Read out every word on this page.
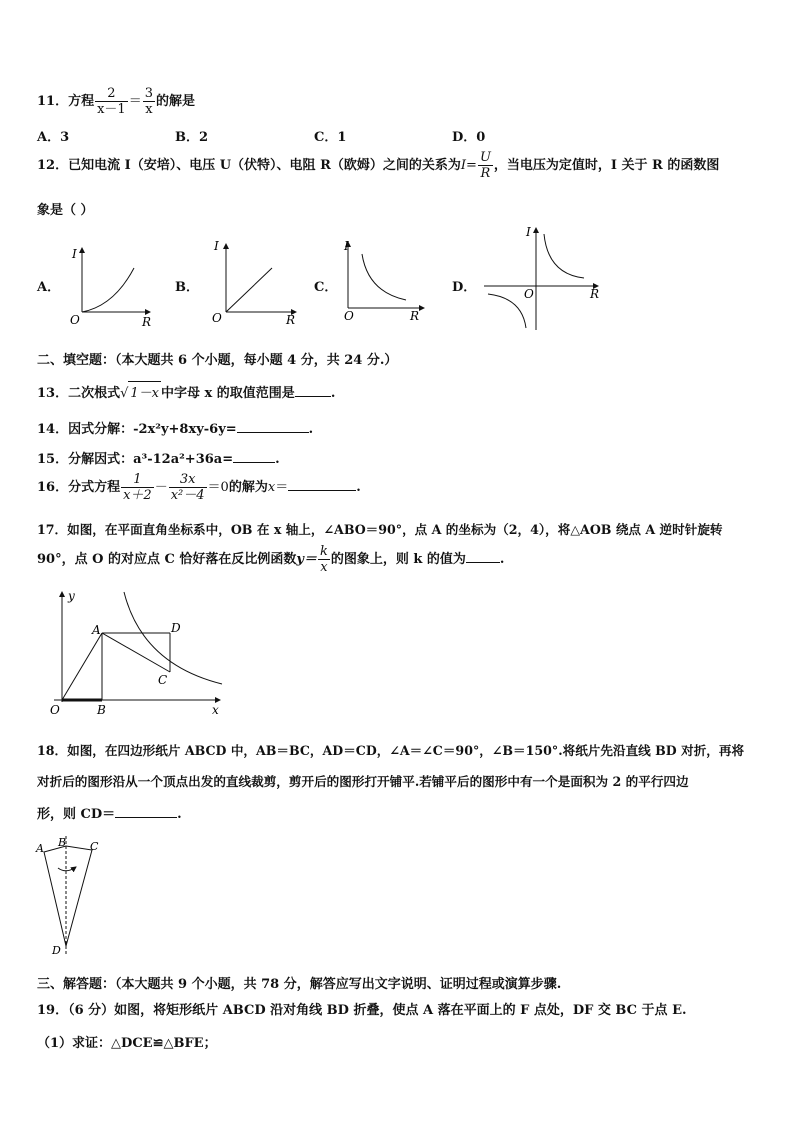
11．方程 $\frac{2}{x-1} = \frac{3}{x}$ 的解是
A．3	B．2	C．1	D．0
12．已知电流 I（安培）、电压 U（伏特）、电阻 R（欧姆）之间的关系为$I= \frac{U}{R}$ ，当电压为定值时，I 关于 R 的函数图
象是（ ）
A．	B．	C．	D．
I
O	R
I
O	R
I
O	R
I
O	R
二、填空题：（本大题共 6 个小题，每小题 4 分，共 24 分.）
13．二次根式√ 1－x 中字母 x 的取值范围是	.
14．因式分解：-2x²y+8xy-6y=	.
15．分解因式：a³-12a²+36a=	.
16．分式方程 $\frac{1}{x+2} - \frac{3x}{\text{x²－4}} =0$的解为x＝	.
17．如图，在平面直角坐标系中，OB 在 x 轴上，∠ABO＝90°，点 A 的坐标为（2，4），将△AOB 绕点 A 逆时针旋转
90°，点 O 的对应点 C 恰好落在反比例函数$y= \frac{k}{x}$ 的图象上，则 k 的值为	.
y
O	B
A	D
C
x
18．如图，在四边形纸片 ABCD 中，AB＝BC，AD＝CD，∠A＝∠C＝90°，∠B＝150°.将纸片先沿直线 BD 对折，再将
对折后的图形沿从一个顶点出发的直线裁剪，剪开后的图形打开铺平.若铺平后的图形中有一个是面积为 2 的平行四边
形，则 CD＝	.
A B C
D
三、解答题：（本大题共 9 个小题，共 78 分，解答应写出文字说明、证明过程或演算步骤.
19．（6 分）如图，将矩形纸片 ABCD 沿对角线 BD 折叠，使点 A 落在平面上的 F 点处，DF 交 BC 于点 E.
（1）求证：△DCE≌△BFE；
